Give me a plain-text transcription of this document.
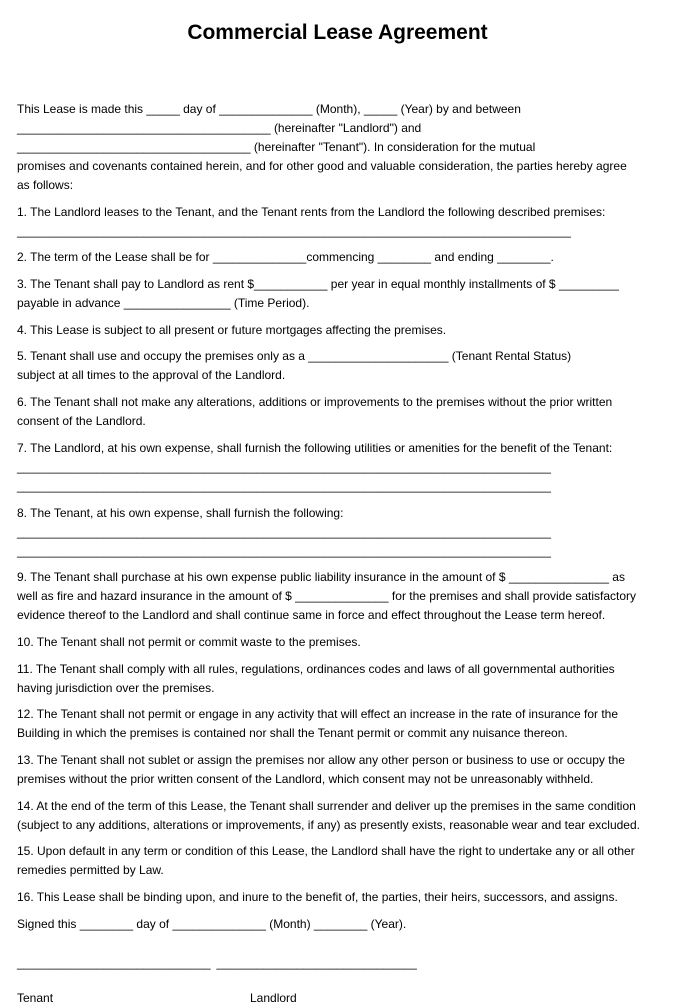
Commercial Lease Agreement
This Lease is made this _____ day of ______________ (Month), _____ (Year) by and between
______________________________________ (hereinafter "Landlord") and
___________________________________ (hereinafter "Tenant"). In consideration for the mutual
promises and covenants contained herein, and for other good and valuable consideration, the parties hereby agree
as follows:
1. The Landlord leases to the Tenant, and the Tenant rents from the Landlord the following described premises:
___________________________________________________________________________________
2. The term of the Lease shall be for ______________commencing ________ and ending ________.
3. The Tenant shall pay to Landlord as rent $___________ per year in equal monthly installments of $ _________
payable in advance ________________ (Time Period).
4. This Lease is subject to all present or future mortgages affecting the premises.
5. Tenant shall use and occupy the premises only as a _____________________ (Tenant Rental Status)
subject at all times to the approval of the Landlord.
6. The Tenant shall not make any alterations, additions or improvements to the premises without the prior written
consent of the Landlord.
7. The Landlord, at his own expense, shall furnish the following utilities or amenities for the benefit of the Tenant:
________________________________________________________________________________
________________________________________________________________________________
8. The Tenant, at his own expense, shall furnish the following:
________________________________________________________________________________
________________________________________________________________________________
9. The Tenant shall purchase at his own expense public liability insurance in the amount of $ _______________ as
well as fire and hazard insurance in the amount of $ ______________ for the premises and shall provide satisfactory
evidence thereof to the Landlord and shall continue same in force and effect throughout the Lease term hereof.
10. The Tenant shall not permit or commit waste to the premises.
11. The Tenant shall comply with all rules, regulations, ordinances codes and laws of all governmental authorities
having jurisdiction over the premises.
12. The Tenant shall not permit or engage in any activity that will effect an increase in the rate of insurance for the
Building in which the premises is contained nor shall the Tenant permit or commit any nuisance thereon.
13. The Tenant shall not sublet or assign the premises nor allow any other person or business to use or occupy the
premises without the prior written consent of the Landlord, which consent may not be unreasonably withheld.
14. At the end of the term of this Lease, the Tenant shall surrender and deliver up the premises in the same condition
(subject to any additions, alterations or improvements, if any) as presently exists, reasonable wear and tear excluded.
15. Upon default in any term or condition of this Lease, the Landlord shall have the right to undertake any or all other
remedies permitted by Law.
16. This Lease shall be binding upon, and inure to the benefit of, the parties, their heirs, successors, and assigns.
Signed this ________ day of ______________ (Month) ________ (Year).
_____________________________ ______________________________
Tenant	Landlord
